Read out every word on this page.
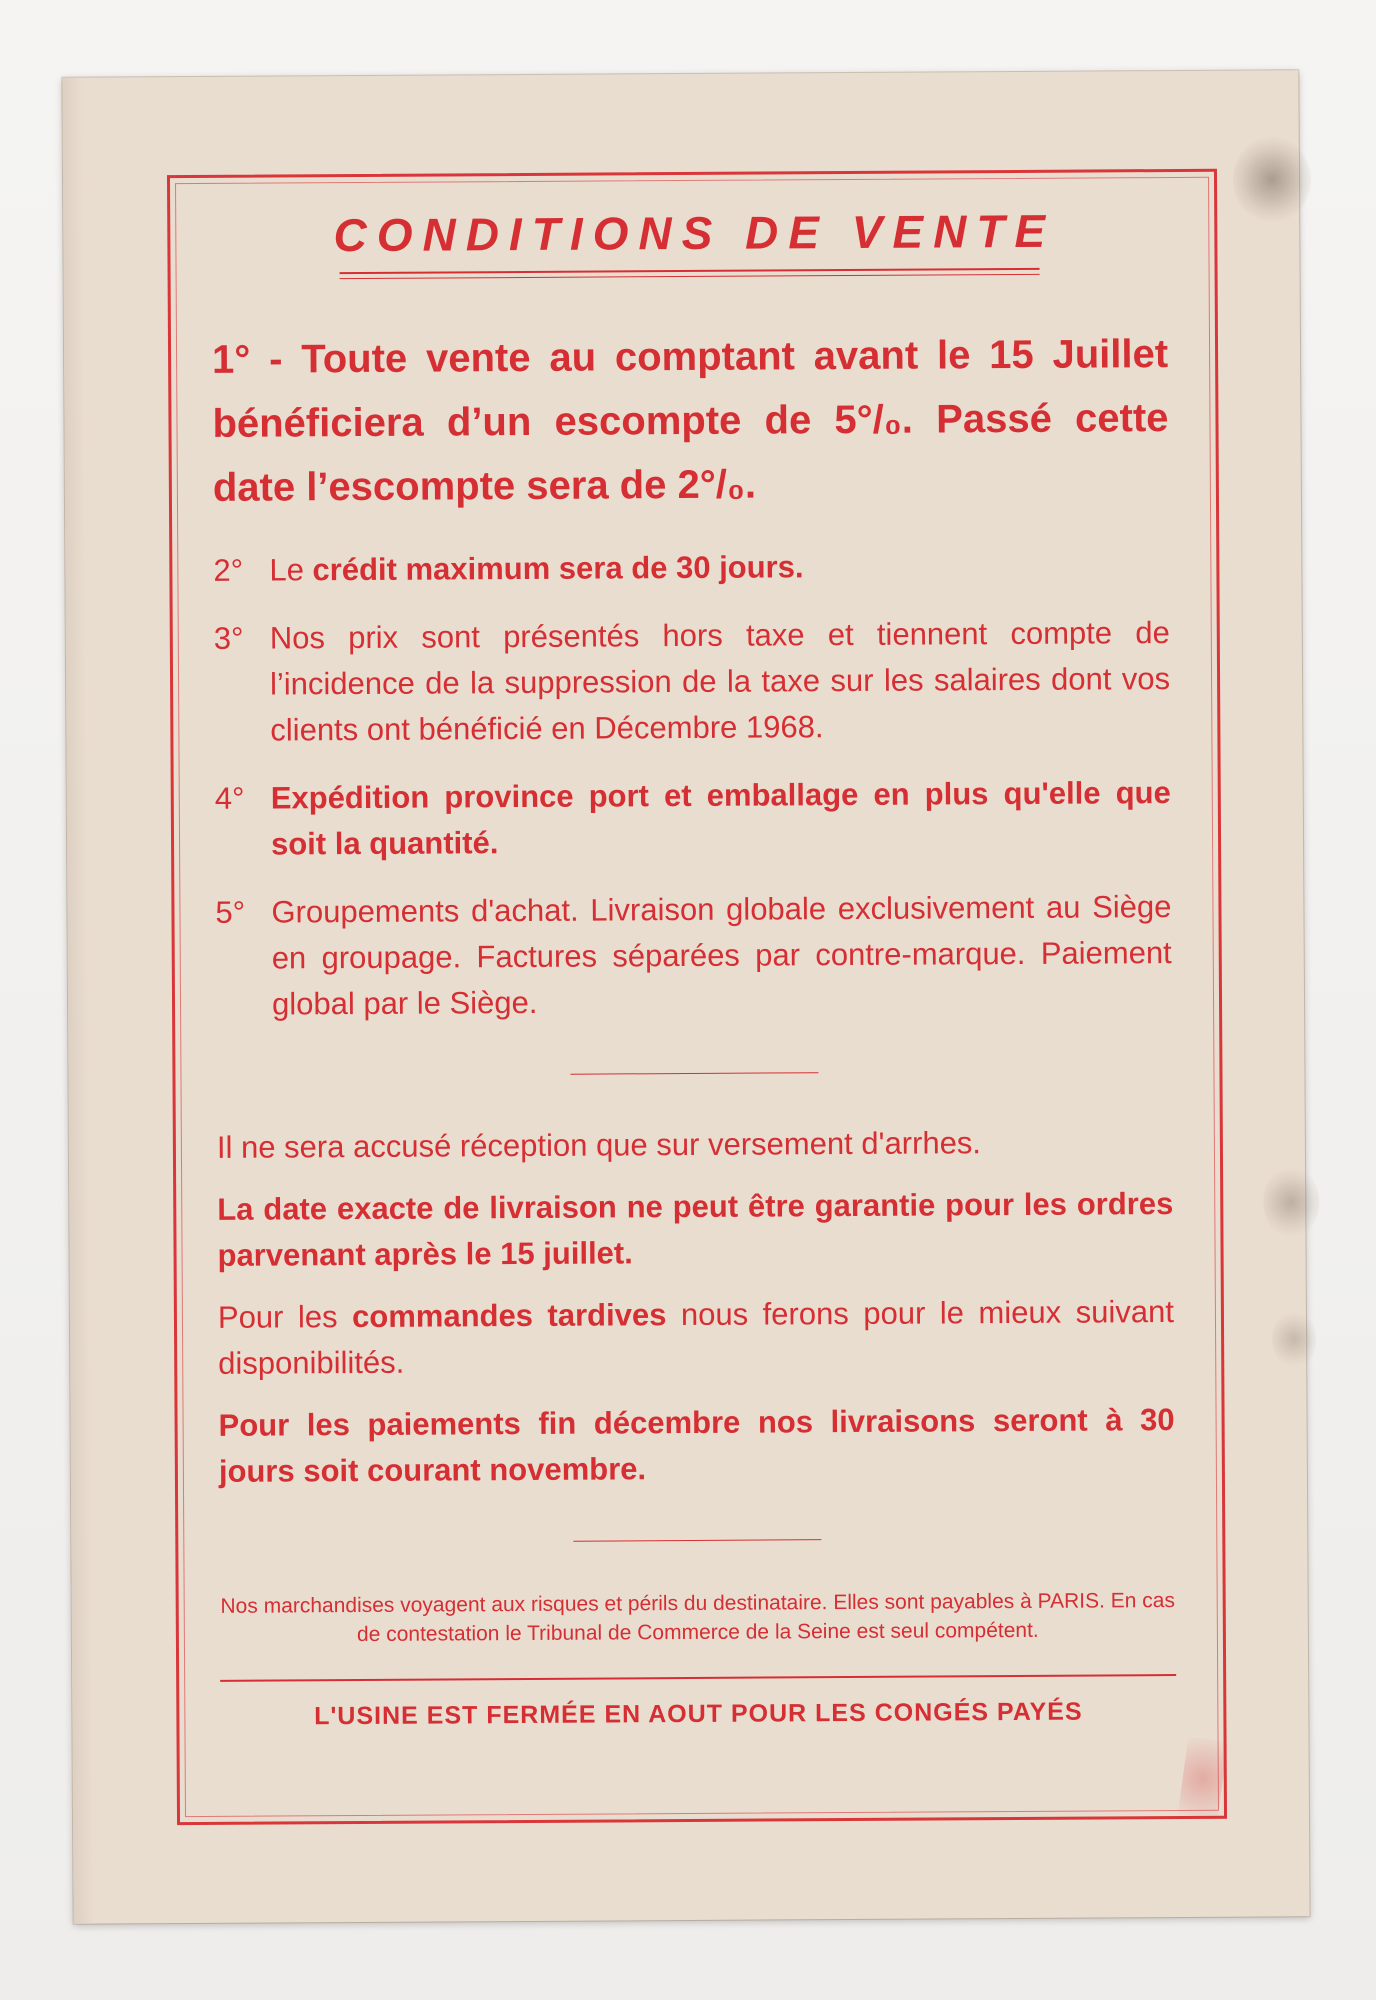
CONDITIONS DE VENTE
1° - Toute vente au comptant avant le 15 Juillet bénéficiera d’un escompte de 5°/₀. Passé cette date l’escompte sera de 2°/₀.
2° Le crédit maximum sera de 30 jours.
3° Nos prix sont présentés hors taxe et tiennent compte de l’incidence de la suppression de la taxe sur les salaires dont vos clients ont bénéficié en Décembre 1968.
4° Expédition province port et emballage en plus qu'elle que soit la quantité.
5° Groupements d'achat. Livraison globale exclusivement au Siège en groupage. Factures séparées par contre-marque. Paiement global par le Siège.
Il ne sera accusé réception que sur versement d'arrhes.
La date exacte de livraison ne peut être garantie pour les ordres parvenant après le 15 juillet.
Pour les commandes tardives nous ferons pour le mieux suivant disponibilités.
Pour les paiements fin décembre nos livraisons seront à 30 jours soit courant novembre.
Nos marchandises voyagent aux risques et périls du destinataire. Elles sont payables à PARIS. En cas de contestation le Tribunal de Commerce de la Seine est seul compétent.
L'USINE EST FERMÉE EN AOUT POUR LES CONGÉS PAYÉS
